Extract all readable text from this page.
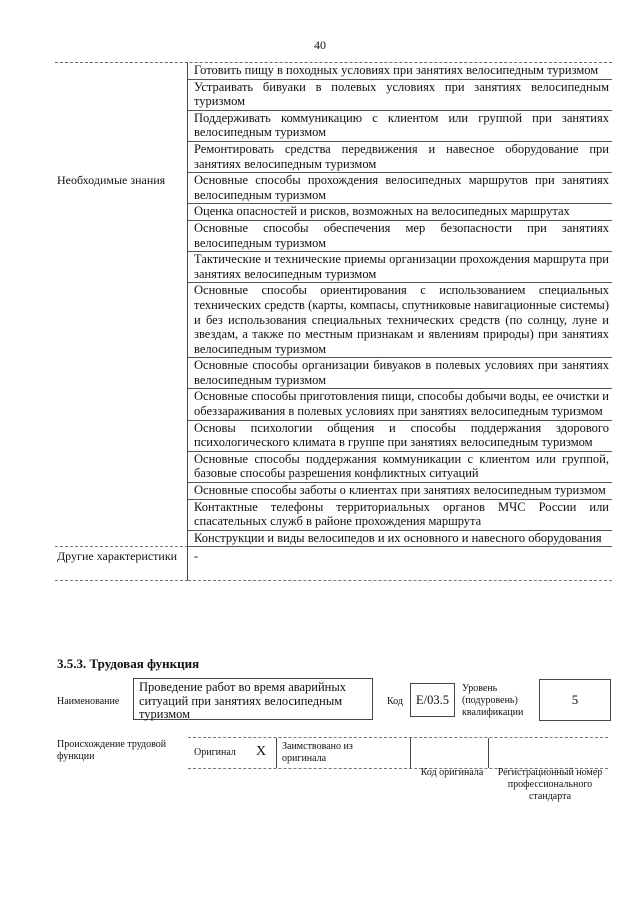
40
Готовить пищу в походных условиях при занятиях велосипедным туризмом
Устраивать бивуаки в полевых условиях при занятиях велосипедным туризмом
Поддерживать коммуникацию с клиентом или группой при занятиях велосипедным туризмом
Ремонтировать средства передвижения и навесное оборудование при занятиях велосипедным туризмом
Необходимые знания	Основные способы прохождения велосипедных маршрутов при занятиях велосипедным туризмом
Оценка опасностей и рисков, возможных на велосипедных маршрутах
Основные способы обеспечения мер безопасности при занятиях велосипедным туризмом
Тактические и технические приемы организации прохождения маршрута при занятиях велосипедным туризмом
Основные способы ориентирования с использованием специальных технических средств (карты, компасы, спутниковые навигационные системы) и без использования специальных технических средств (по солнцу, луне и звездам, а также по местным признакам и явлениям природы) при занятиях велосипедным туризмом
Основные способы организации бивуаков в полевых условиях при занятиях велосипедным туризмом
Основные способы приготовления пищи, способы добычи воды, ее очистки и обеззараживания в полевых условиях при занятиях велосипедным туризмом
Основы психологии общения и способы поддержания здорового психологического климата в группе при занятиях велосипедным туризмом
Основные способы поддержания коммуникации с клиентом или группой, базовые способы разрешения конфликтных ситуаций
Основные способы заботы о клиентах при занятиях велосипедным туризмом
Контактные телефоны территориальных органов МЧС России или спасательных служб в районе прохождения маршрута
Конструкции и виды велосипедов и их основного и навесного оборудования
Другие характеристики	-
3.5.3. Трудовая функция
Наименование
Проведение работ во время аварийных ситуаций при занятиях велосипедным туризмом
Код	E/03.5
Уровень (подуровень) квалификации
5
Происхождение трудовой функции	Оригинал X Заимствовано из оригинала
Код оригинала	Регистрационный номер профессионального стандарта
